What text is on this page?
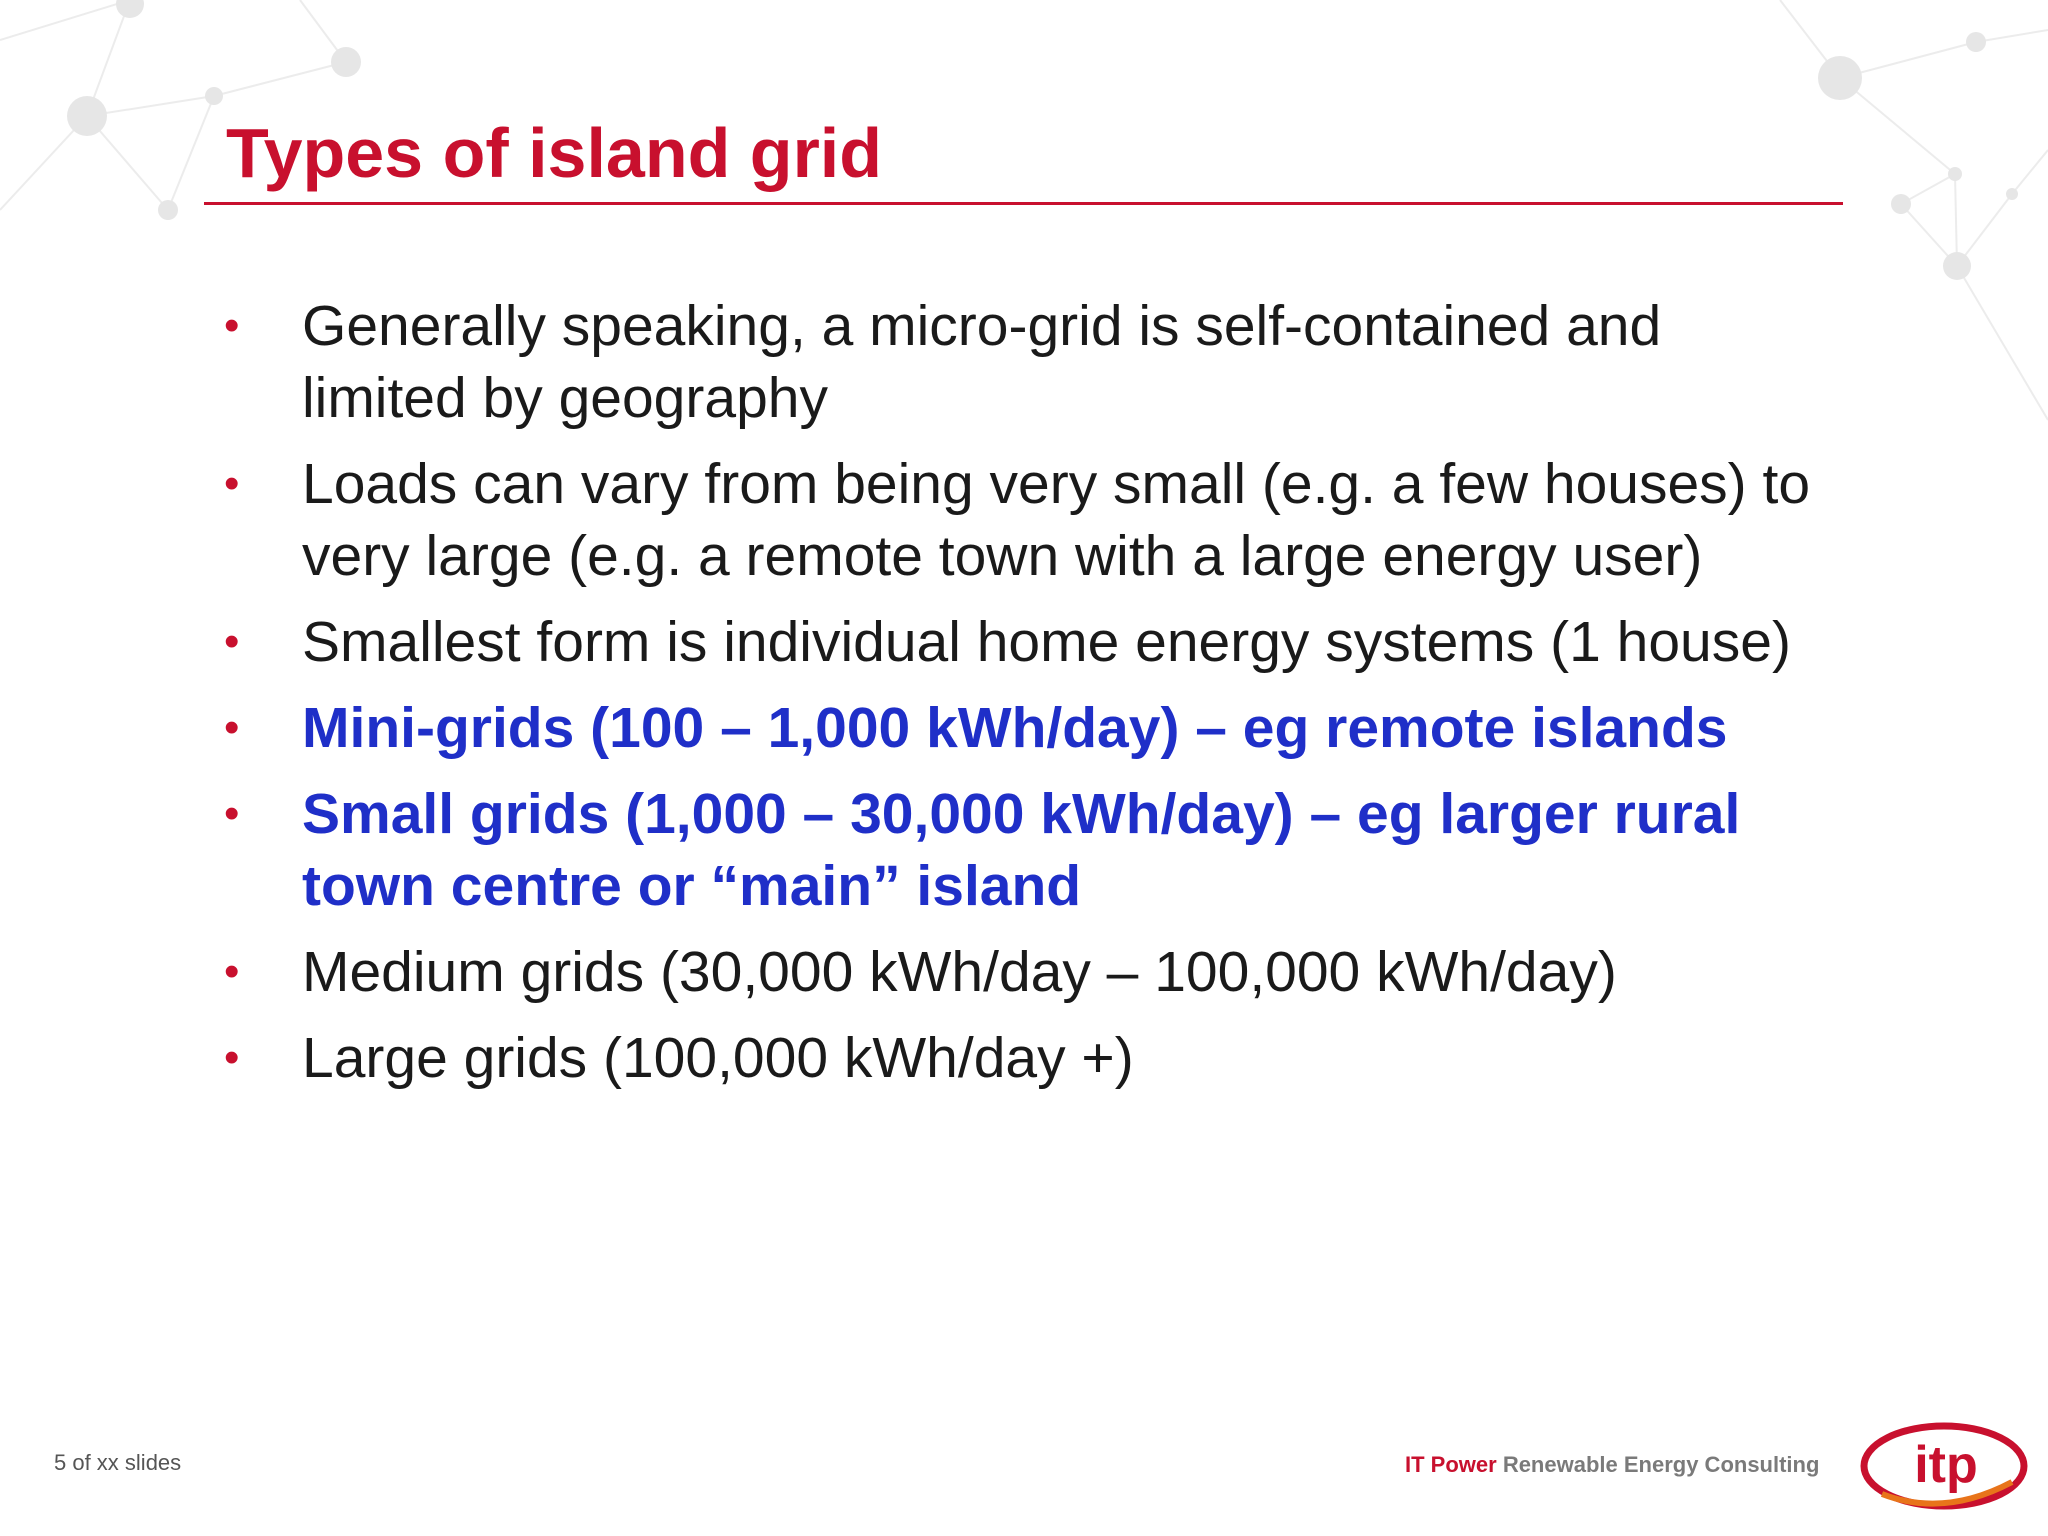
Types of island grid
• Generally speaking, a micro-grid is self-contained and limited by geography
• Loads can vary from being very small (e.g. a few houses) to very large (e.g. a remote town with a large energy user)
• Smallest form is individual home energy systems (1 house)
• Mini-grids (100 – 1,000 kWh/day) – eg remote islands
• Small grids (1,000 – 30,000 kWh/day) – eg larger rural town centre or “main” island
• Medium grids (30,000 kWh/day – 100,000 kWh/day)
• Large grids (100,000 kWh/day +)
5 of xx slides	IT Power Renewable Energy Consulting itp
